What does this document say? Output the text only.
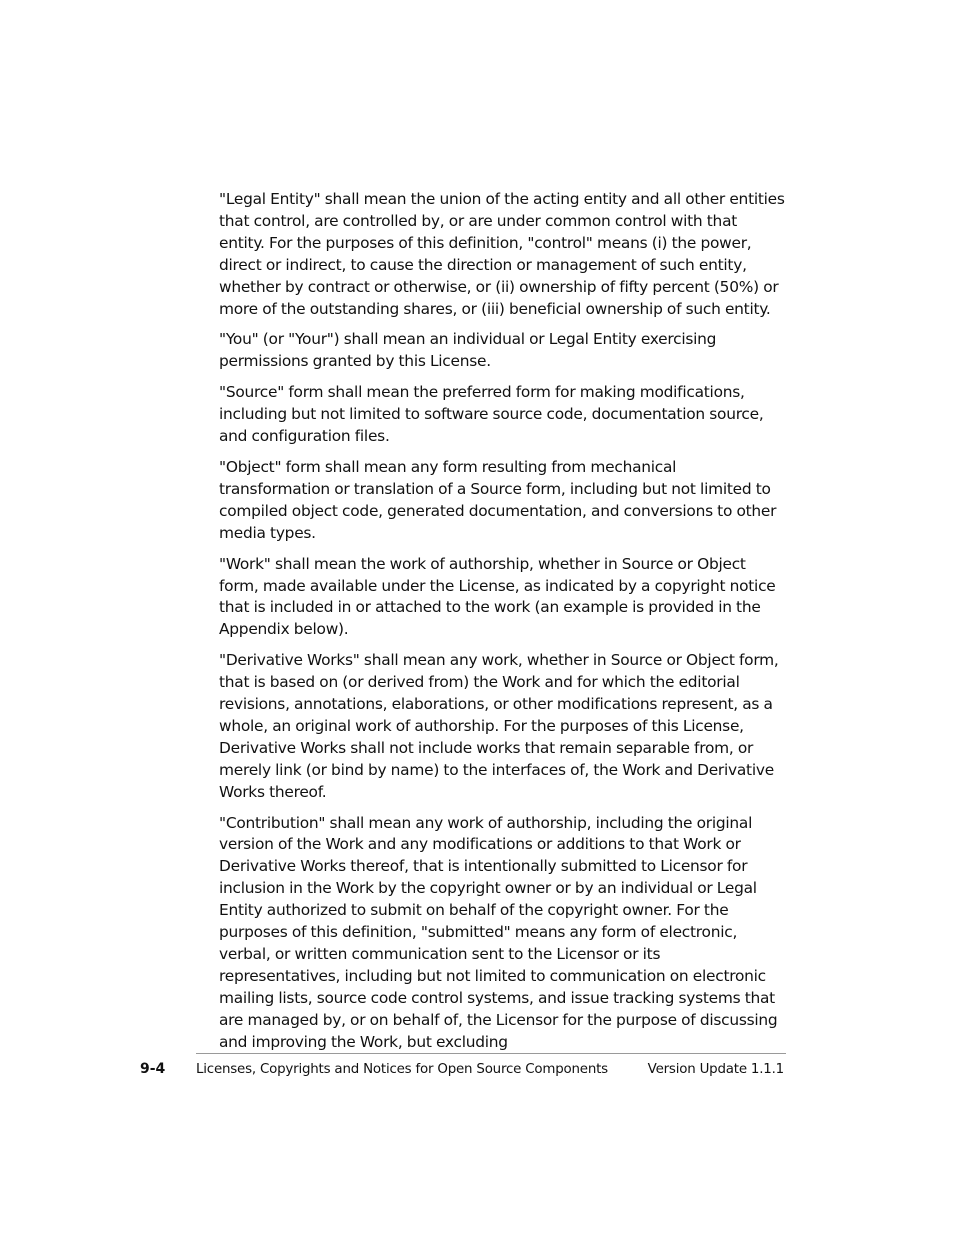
"Legal Entity" shall mean the union of the acting entity and all other entities that control, are controlled by, or are under common control with that entity. For the purposes of this definition, "control" means (i) the power, direct or indirect, to cause the direction or management of such entity, whether by contract or otherwise, or (ii) ownership of fifty percent (50%) or more of the outstanding shares, or (iii) beneficial ownership of such entity.

"You" (or "Your") shall mean an individual or Legal Entity exercising permissions granted by this License.

"Source" form shall mean the preferred form for making modifications, including but not limited to software source code, documentation source, and configuration files.

"Object" form shall mean any form resulting from mechanical transformation or translation of a Source form, including but not limited to compiled object code, generated documentation, and conversions to other media types.

"Work" shall mean the work of authorship, whether in Source or Object form, made available under the License, as indicated by a copyright notice that is included in or attached to the work (an example is provided in the Appendix below).

"Derivative Works" shall mean any work, whether in Source or Object form, that is based on (or derived from) the Work and for which the editorial revisions, annotations, elaborations, or other modifications represent, as a whole, an original work of authorship. For the purposes of this License, Derivative Works shall not include works that remain separable from, or merely link (or bind by name) to the interfaces of, the Work and Derivative Works thereof.

"Contribution" shall mean any work of authorship, including the original version of the Work and any modifications or additions to that Work or Derivative Works thereof, that is intentionally submitted to Licensor for inclusion in the Work by the copyright owner or by an individual or Legal Entity authorized to submit on behalf of the copyright owner. For the purposes of this definition, "submitted" means any form of electronic, verbal, or written communication sent to the Licensor or its representatives, including but not limited to communication on electronic mailing lists, source code control systems, and issue tracking systems that are managed by, or on behalf of, the Licensor for the purpose of discussing and improving the Work, but excluding

9-4 Licenses, Copyrights and Notices for Open Source Components	Version Update 1.1.1
